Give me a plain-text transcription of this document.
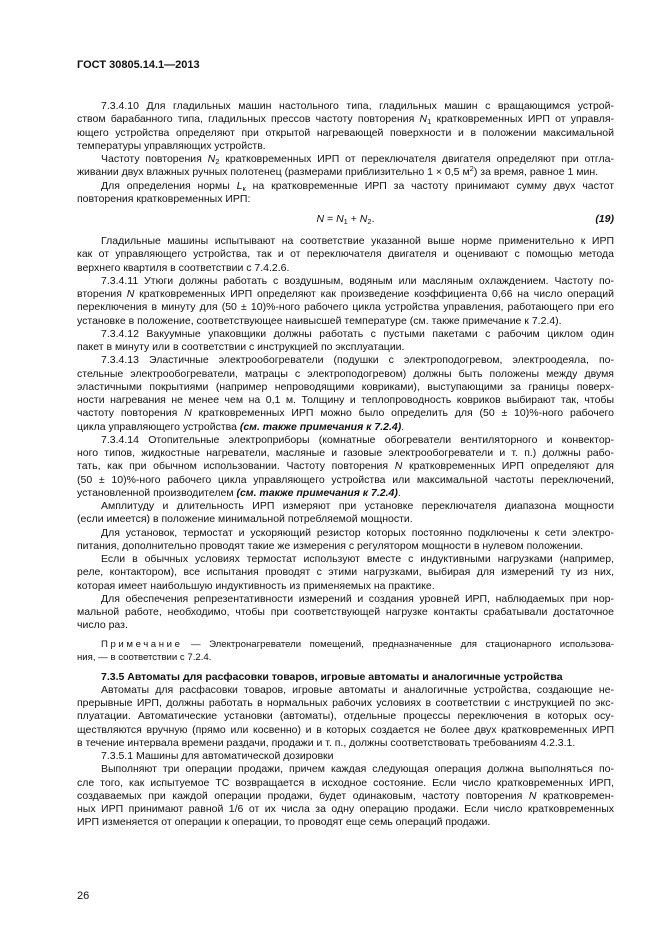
ГОСТ 30805.14.1—2013
7.3.4.10 Для гладильных машин настольного типа, гладильных машин с вращающимся устрой-
ством барабанного типа, гладильных прессов частоту повторения $N_1$ кратковременных ИРП от управля-
ющего устройства определяют при открытой нагревающей поверхности и в положении максимальной
температуры управляющих устройств.
Частоту повторения $N_2$ кратковременных ИРП от переключателя двигателя определяют при отгла-
живании двух влажных ручных полотенец (размерами приблизительно 1 × 0,5 $м^2$) за время, равное 1 мин.
Для определения нормы $L_к$ на кратковременные ИРП за частоту принимают сумму двух частот
повторения кратковременных ИРП:
$N = N_1 + N_2$.	(19)
Гладильные машины испытывают на соответствие указанной выше норме применительно к ИРП
как от управляющего устройства, так и от переключателя двигателя и оценивают с помощью метода
верхнего квартиля в соответствии с 7.4.2.6.
7.3.4.11 Утюги должны работать с воздушным, водяным или масляным охлаждением. Частоту по-
вторения N кратковременных ИРП определяют как произведение коэффициента 0,66 на число операций
переключения в минуту для (50 ± 10)%-ного рабочего цикла устройства управления, работающего при его
установке в положение, соответствующее наивысшей температуре (см. также примечание к 7.2.4).
7.3.4.12 Вакуумные упаковщики должны работать с пустыми пакетами с рабочим циклом один
пакет в минуту или в соответствии с инструкцией по эксплуатации.
7.3.4.13 Эластичные электрообогреватели (подушки с электроподогревом, электроодеяла, по-
стельные электрообогреватели, матрацы с электроподогревом) должны быть положены между двумя
эластичными покрытиями (например непроводящими ковриками), выступающими за границы поверх-
ности нагревания не менее чем на 0,1 м. Толщину и теплопроводность ковриков выбирают так, чтобы
частоту повторения N кратковременных ИРП можно было определить для (50 ± 10)%-ного рабочего
цикла управляющего устройства (см. также примечания к 7.2.4).
7.3.4.14 Отопительные электроприборы (комнатные обогреватели вентиляторного и конвектор-
ного типов, жидкостные нагреватели, масляные и газовые электрообогреватели и т. п.) должны рабо-
тать, как при обычном использовании. Частоту повторения N кратковременных ИРП определяют для
(50 ± 10)%-ного рабочего цикла управляющего устройства или максимальной частоты переключений,
установленной производителем (см. также примечания к 7.2.4).
Амплитуду и длительность ИРП измеряют при установке переключателя диапазона мощности
(если имеется) в положение минимальной потребляемой мощности.
Для установок, термостат и ускоряющий резистор которых постоянно подключены к сети электро-
питания, дополнительно проводят такие же измерения с регулятором мощности в нулевом положении.
Если в обычных условиях термостат используют вместе с индуктивными нагрузками (например,
реле, контактором), все испытания проводят с этими нагрузками, выбирая для измерений ту из них,
которая имеет наибольшую индуктивность из применяемых на практике.
Для обеспечения репрезентативности измерений и создания уровней ИРП, наблюдаемых при нор-
мальной работе, необходимо, чтобы при соответствующей нагрузке контакты срабатывали достаточное
число раз.
Примечание — Электронагреватели помещений, предназначенные для стационарного использова-
ния, — в соответствии с 7.2.4.
7.3.5 Автоматы для расфасовки товаров, игровые автоматы и аналогичные устройства
Автоматы для расфасовки товаров, игровые автоматы и аналогичные устройства, создающие не-
прерывные ИРП, должны работать в нормальных рабочих условиях в соответствии с инструкцией по экс-
плуатации. Автоматические установки (автоматы), отдельные процессы переключения в которых осу-
ществляются вручную (прямо или косвенно) и в которых создается не более двух кратковременных ИРП
в течение интервала времени раздачи, продажи и т. п., должны соответствовать требованиям 4.2.3.1.
7.3.5.1 Машины для автоматической дозировки
Выполняют три операции продажи, причем каждая следующая операция должна выполняться по-
сле того, как испытуемое ТС возвращается в исходное состояние. Если число кратковременных ИРП,
создаваемых при каждой операции продажи, будет одинаковым, частоту повторения N кратковремен-
ных ИРП принимают равной 1/6 от их числа за одну операцию продажи. Если число кратковременных
ИРП изменяется от операции к операции, то проводят еще семь операций продажи.
26
